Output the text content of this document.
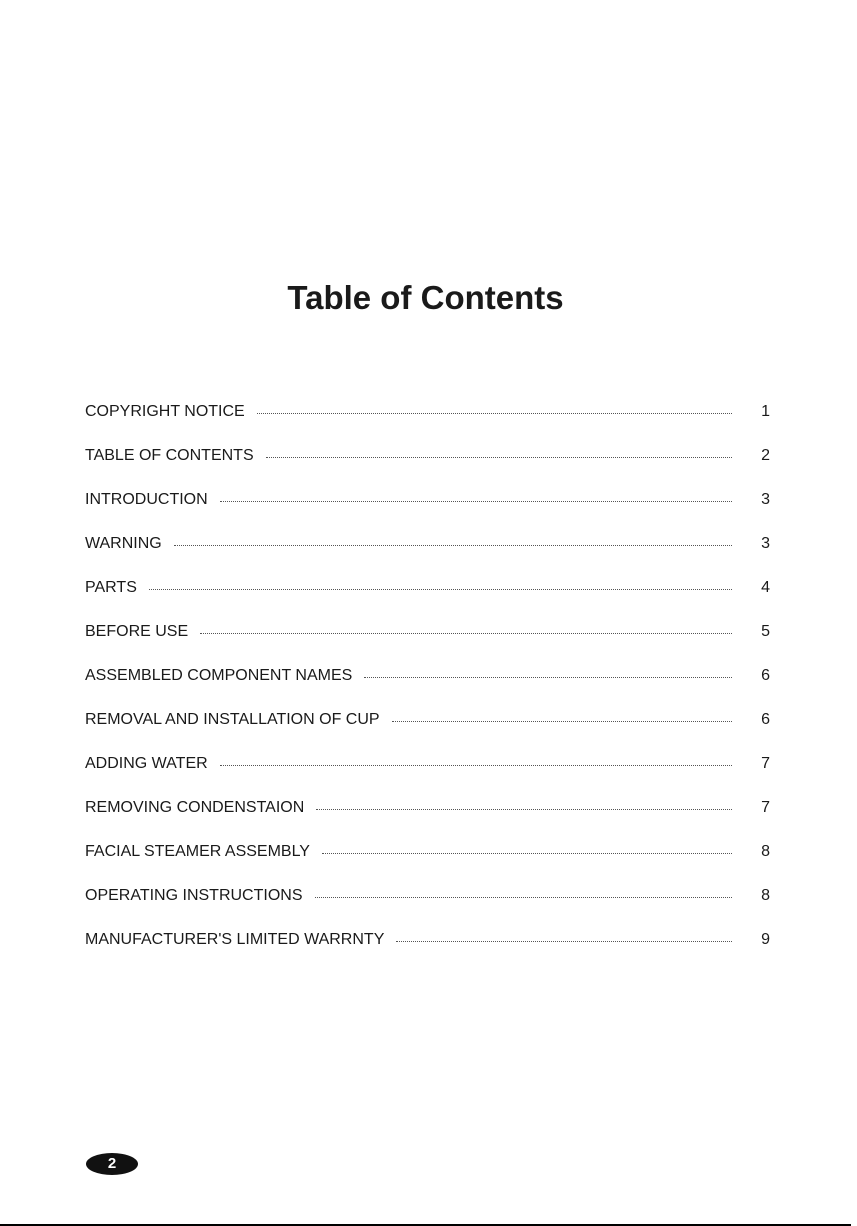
Table of Contents
COPYRIGHT NOTICE	1
TABLE OF CONTENTS	2
INTRODUCTION	3
WARNING	3
PARTS	4
BEFORE USE	5
ASSEMBLED COMPONENT NAMES	6
REMOVAL AND INSTALLATION OF CUP	6
ADDING WATER	7
REMOVING CONDENSTAION	7
FACIAL STEAMER ASSEMBLY	8
OPERATING INSTRUCTIONS	8
MANUFACTURER'S LIMITED WARRNTY	9
2
